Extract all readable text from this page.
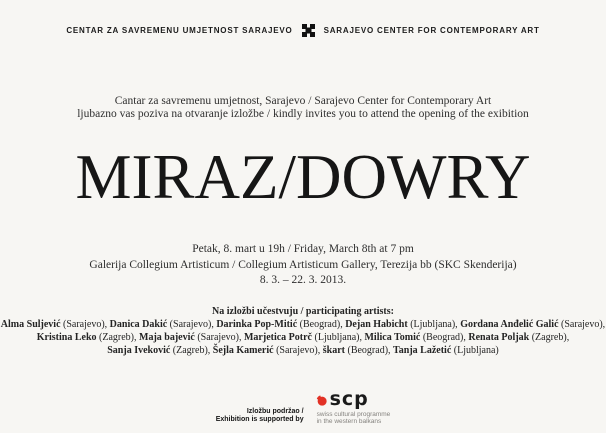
CENTAR ZA SAVREMENU UMJETNOST SARAJEVO	SARAJEVO CENTER FOR CONTEMPORARY ART
Cantar za savremenu umjetnost, Sarajevo / Sarajevo Center for Contemporary Art
ljubazno vas poziva na otvaranje izložbe / kindly invites you to attend the opening of the exibition
MIRAZ/DOWRY
Petak, 8. mart u 19h / Friday, March 8th at 7 pm
Galerija Collegium Artisticum / Collegium Artisticum Gallery, Terezija bb (SKC Skenderija)
8. 3. – 22. 3. 2013.
Na izložbi učestvuju / participating artists:
Alma Suljević (Sarajevo), Danica Dakić (Sarajevo), Darinka Pop-Mitić (Beograd), Dejan Habicht (Ljubljana), Gordana Anđelić Galić (Sarajevo),
Kristina Leko (Zagreb), Maja bajević (Sarajevo), Marjetica Potrč (Ljubljana), Milica Tomić (Beograd), Renata Poljak (Zagreb),
Sanja Iveković (Zagreb), Šejla Kamerić (Sarajevo), škart (Beograd), Tanja Lažetić (Ljubljana)
Izložbu podržao /
Exhibition is supported by
scp
swiss cultural programme
in the western balkans
